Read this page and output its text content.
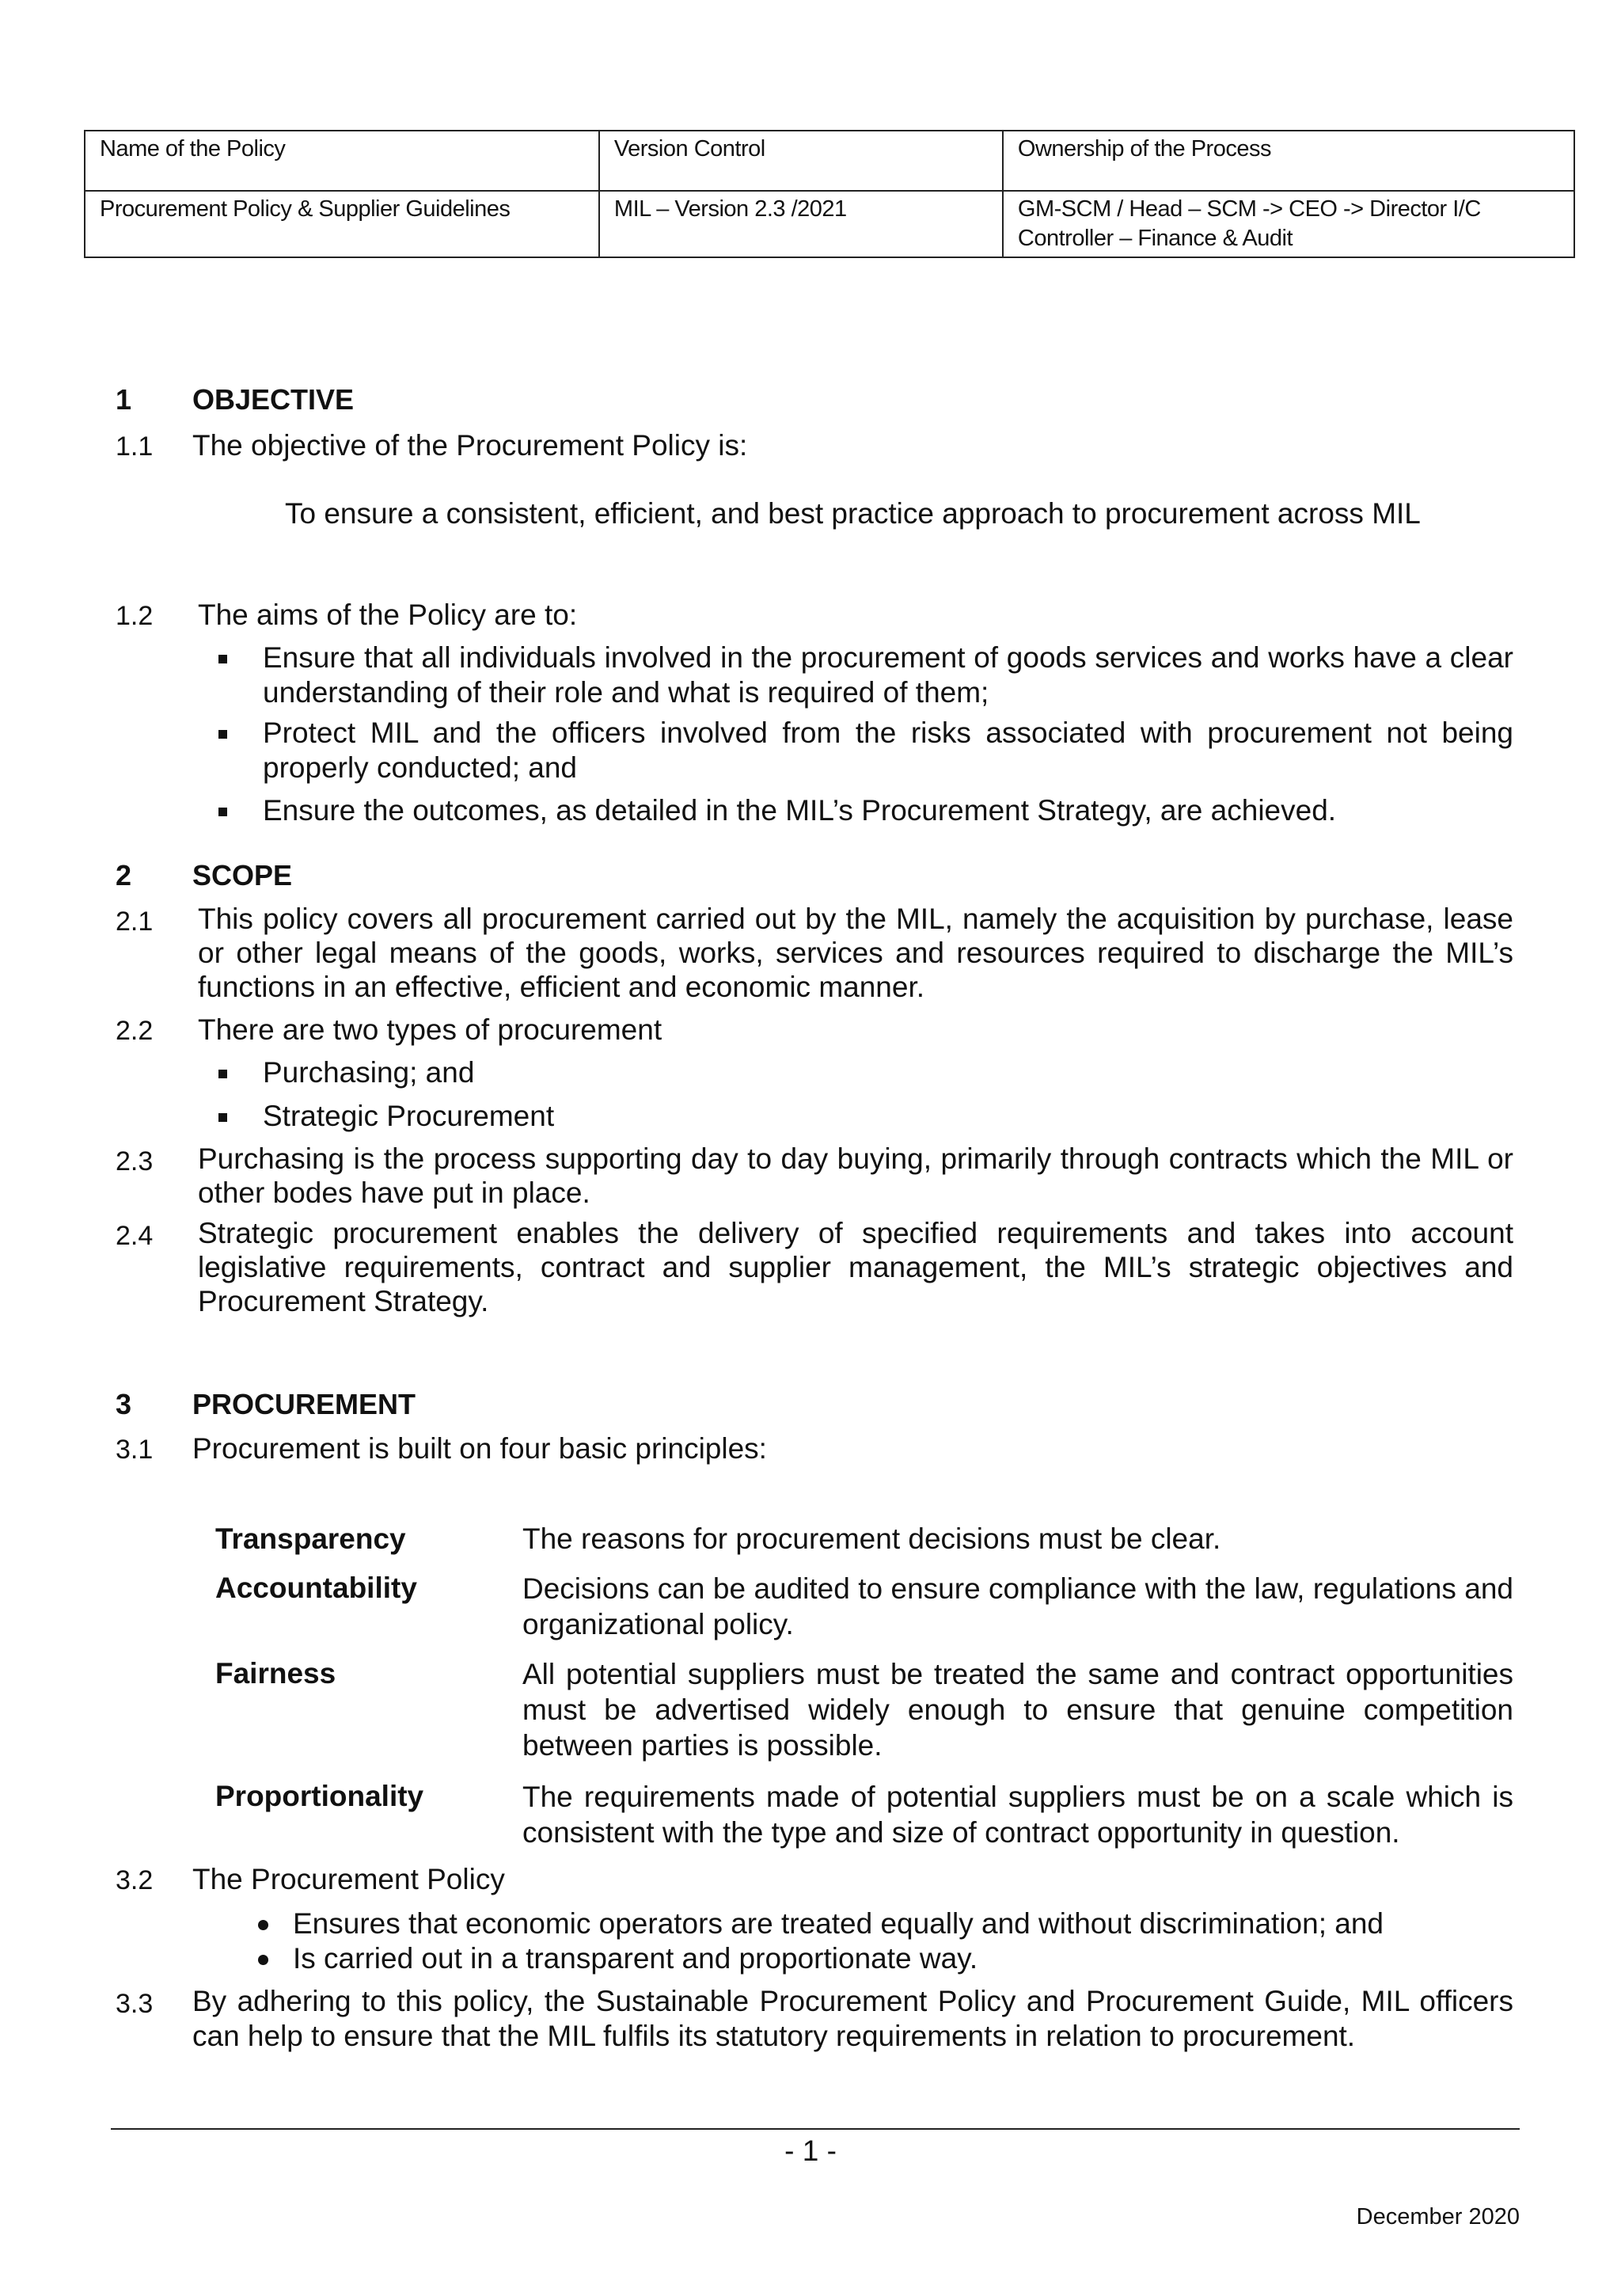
Name of the Policy	Version Control	Ownership of the Process
Procurement Policy & Supplier Guidelines	MIL – Version 2.3 /2021	GM-SCM / Head – SCM -> CEO -> Director I/C
Controller – Finance & Audit
1 OBJECTIVE
1.1 The objective of the Procurement Policy is:
To ensure a consistent, efficient, and best practice approach to procurement across MIL
1.2 The aims of the Policy are to:
Ensure that all individuals involved in the procurement of goods services and works have a clear understanding of their role and what is required of them;
Protect MIL and the officers involved from the risks associated with procurement not being properly conducted; and
Ensure the outcomes, as detailed in the MIL’s Procurement Strategy, are achieved.
2 SCOPE
2.1 This policy covers all procurement carried out by the MIL, namely the acquisition by purchase, lease or other legal means of the goods, works, services and resources required to discharge the MIL’s functions in an effective, efficient and economic manner.
2.2 There are two types of procurement
Purchasing; and
Strategic Procurement
2.3 Purchasing is the process supporting day to day buying, primarily through contracts which the MIL or other bodes have put in place.
2.4 Strategic procurement enables the delivery of specified requirements and takes into account legislative requirements, contract and supplier management, the MIL’s strategic objectives and Procurement Strategy.
3 PROCUREMENT
3.1 Procurement is built on four basic principles:
Transparency	The reasons for procurement decisions must be clear.
Accountability	Decisions can be audited to ensure compliance with the law, regulations and organizational policy.
Fairness	All potential suppliers must be treated the same and contract opportunities must be advertised widely enough to ensure that genuine competition between parties is possible.
Proportionality	The requirements made of potential suppliers must be on a scale which is consistent with the type and size of contract opportunity in question.
3.2 The Procurement Policy
Ensures that economic operators are treated equally and without discrimination; and
Is carried out in a transparent and proportionate way.
3.3 By adhering to this policy, the Sustainable Procurement Policy and Procurement Guide, MIL officers can help to ensure that the MIL fulfils its statutory requirements in relation to procurement.
- 1 -
December 2020
